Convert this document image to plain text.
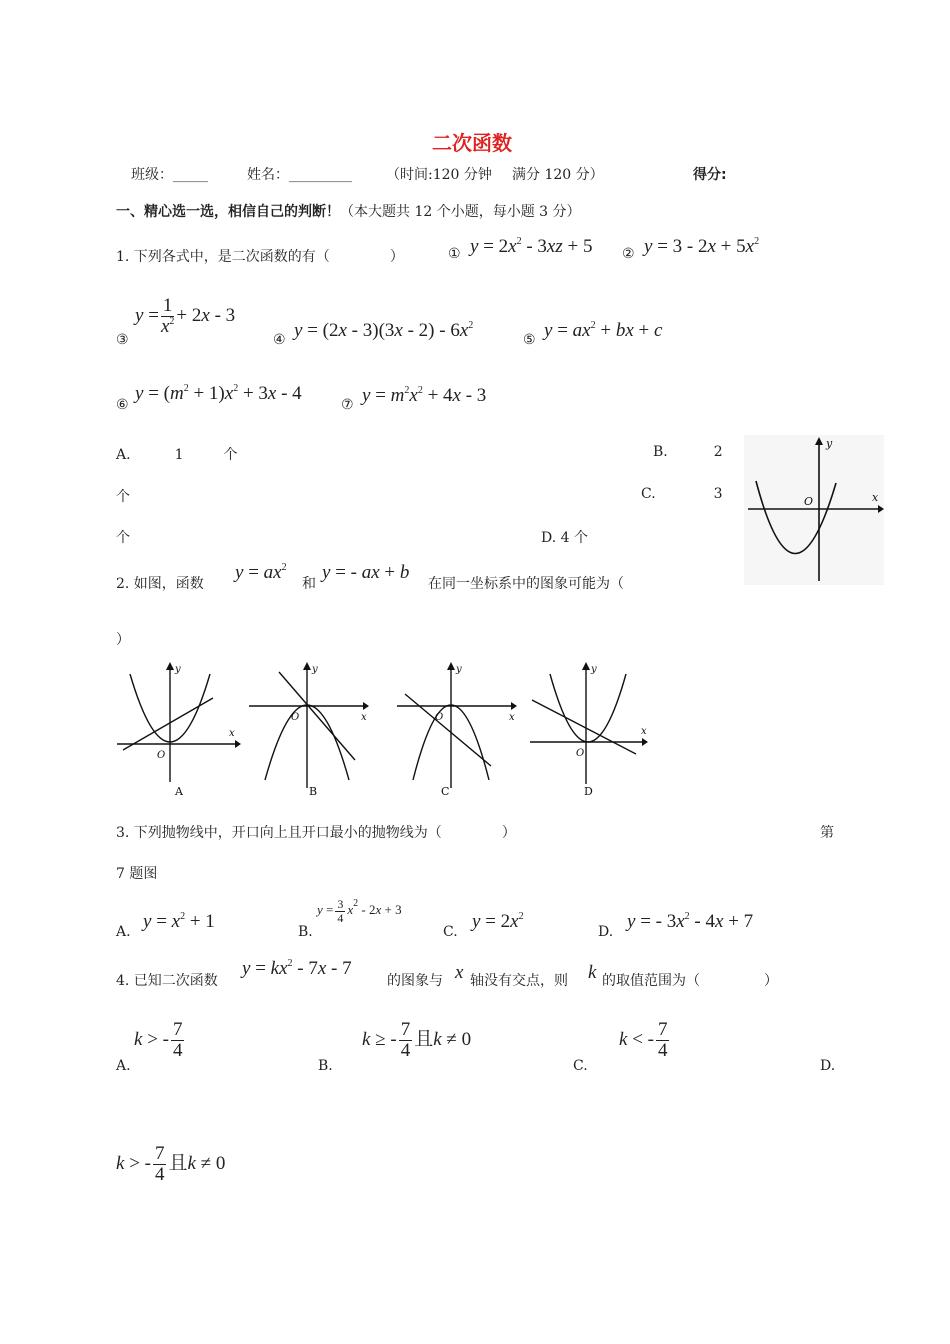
二次函数
班级：_____	姓名：_________ （时间:120 分钟 满分 120 分）	得分:
一、精心选一选，相信自己的判断！（本大题共 12 个小题，每小题 3 分）
1. 下列各式中，是二次函数的有（	）	① $y = 2x^2 - 3xz + 5$ ② $y = 3 - 2x + 5x^2$
③
$y = \frac{1}{x^2} + 2x - 3$
④ $y = (2x - 3)(3x - 2) - 6x^2$
⑤ $y = ax^2$ + bx + c
⑥
$y = (m^2 + 1)x^2 + 3x - 4$
⑦ $y = m^2x^2 + 4x - 3$
A.	1	个	B.	2
个	C.	3
个	D. 4 个
y
x
O
2. 如图，函数
$y = ax^2$
和
y = - ax + b
在同一坐标系中的图象可能为（
）
y
x
O
A
y
x
O
B
y
x
O
C
y
x
O
D
3. 下列抛物线中，开口向上且开口最小的抛物线为（	）	第
7 题图
A. $y = x^2 + 1$	B.
$y = \frac{3}{4} x^2 - 2x + 3$
C. $y = 2x^2$
D. y = - $3x^2 - 4x + 7$
4. 已知二次函数
$y = kx^2 - 7x - 7$
的图象与 x 轴没有交点，则 k 的取值范围为（	）
k > - $\frac{7}{4}$
A.
k ≥ - $\frac{7}{4}$ 且k ≠ 0
B.
k < - $\frac{7}{4}$
C.	D.
k > - $\frac{7}{4}$ 且k ≠ 0
